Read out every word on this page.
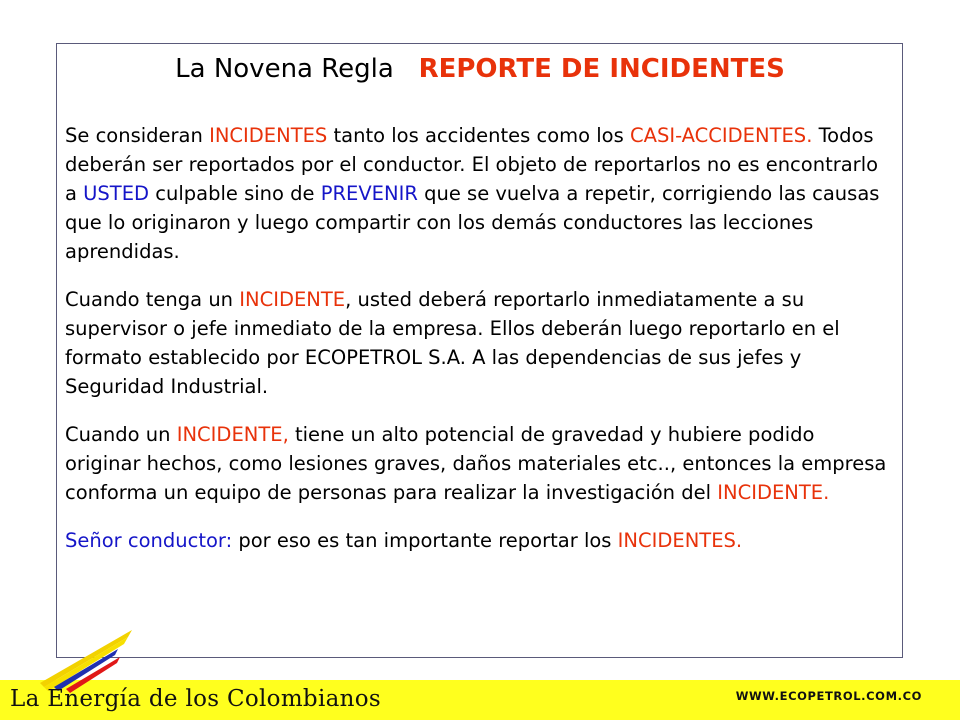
La Novena Regla REPORTE DE INCIDENTES

Se consideran INCIDENTES tanto los accidentes como los CASI-ACCIDENTES. Todos deberán ser reportados por el conductor. El objeto de reportarlos no es encontrarlo a USTED culpable sino de PREVENIR que se vuelva a repetir, corrigiendo las causas que lo originaron y luego compartir con los demás conductores las lecciones aprendidas.

Cuando tenga un INCIDENTE, usted deberá reportarlo inmediatamente a su supervisor o jefe inmediato de la empresa. Ellos deberán luego reportarlo en el formato establecido por ECOPETROL S.A. A las dependencias de sus jefes y Seguridad Industrial.

Cuando un INCIDENTE, tiene un alto potencial de gravedad y hubiere podido originar hechos, como lesiones graves, daños materiales etc.., entonces la empresa conforma un equipo de personas para realizar la investigación del INCIDENTE.

Señor conductor: por eso es tan importante reportar los INCIDENTES.

La Energía de los Colombianos	WWW.ECOPETROL.COM.CO
